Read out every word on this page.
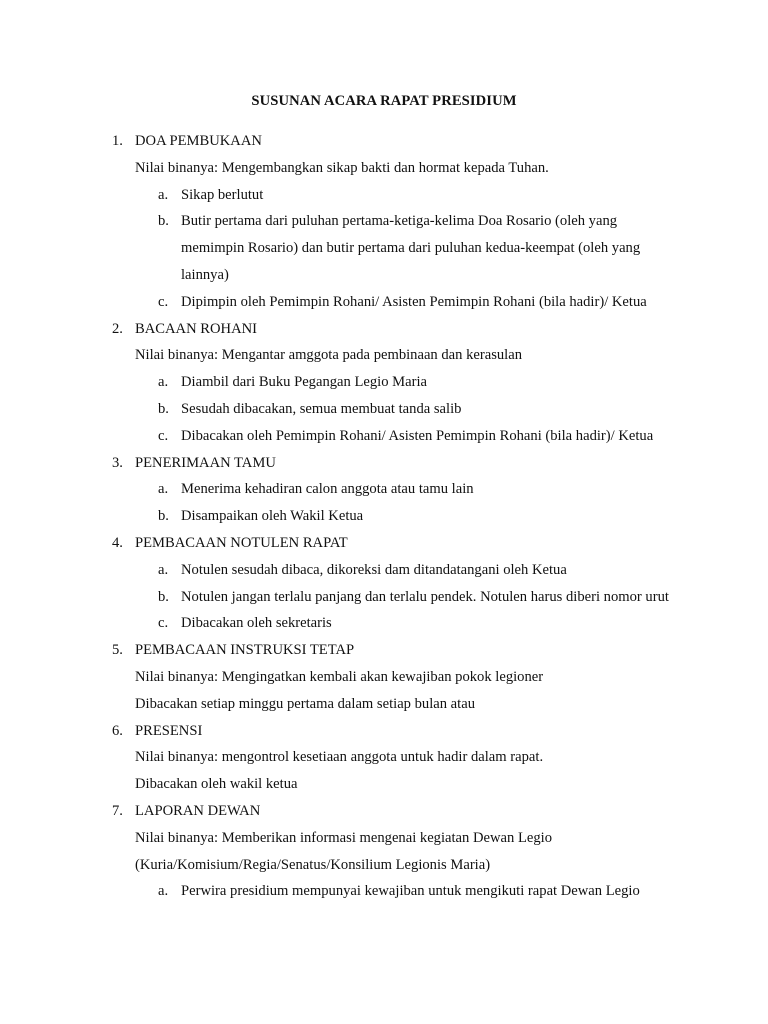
SUSUNAN ACARA RAPAT PRESIDIUM
1. DOA PEMBUKAAN
Nilai binanya: Mengembangkan sikap bakti dan hormat kepada Tuhan.
a. Sikap berlutut
b. Butir pertama dari puluhan pertama-ketiga-kelima Doa Rosario (oleh yang memimpin Rosario) dan butir pertama dari puluhan kedua-keempat (oleh yang lainnya)
c. Dipimpin oleh Pemimpin Rohani/ Asisten Pemimpin Rohani (bila hadir)/ Ketua
2. BACAAN ROHANI
Nilai binanya: Mengantar amggota pada pembinaan dan kerasulan
a. Diambil dari Buku Pegangan Legio Maria
b. Sesudah dibacakan, semua membuat tanda salib
c. Dibacakan oleh Pemimpin Rohani/ Asisten Pemimpin Rohani (bila hadir)/ Ketua
3. PENERIMAAN TAMU
a. Menerima kehadiran calon anggota atau tamu lain
b. Disampaikan oleh Wakil Ketua
4. PEMBACAAN NOTULEN RAPAT
a. Notulen sesudah dibaca, dikoreksi dam ditandatangani oleh Ketua
b. Notulen jangan terlalu panjang dan terlalu pendek. Notulen harus diberi nomor urut
c. Dibacakan oleh sekretaris
5. PEMBACAAN INSTRUKSI TETAP
Nilai binanya: Mengingatkan kembali akan kewajiban pokok legioner
Dibacakan setiap minggu pertama dalam setiap bulan atau
6. PRESENSI
Nilai binanya: mengontrol kesetiaan anggota untuk hadir dalam rapat.
Dibacakan oleh wakil ketua
7. LAPORAN DEWAN
Nilai binanya: Memberikan informasi mengenai kegiatan Dewan Legio
(Kuria/Komisium/Regia/Senatus/Konsilium Legionis Maria)
a. Perwira presidium mempunyai kewajiban untuk mengikuti rapat Dewan Legio
